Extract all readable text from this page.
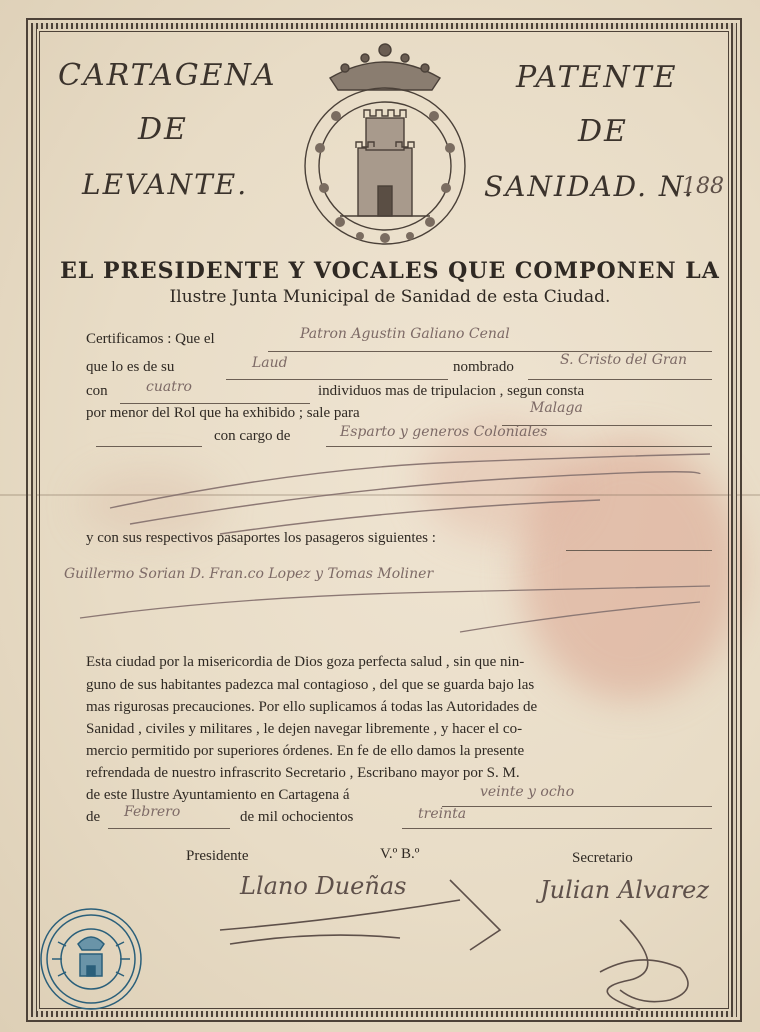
CARTAGENA
DE
LEVANTE.
PATENTE
DE
SANIDAD. N.
188
EL PRESIDENTE Y VOCALES QUE COMPONEN LA
Ilustre Junta Municipal de Sanidad de esta Ciudad.
Certificamos : Que el	Patron Agustin Galiano Cenal
que lo es de su	Laud	nombrado	S. Cristo del Gran
con	cuatro	individuos mas de tripulacion , segun consta
por menor del Rol que ha exhibido ; sale para	Malaga
con cargo de	Esparto y generos Coloniales
y con sus respectivos pasaportes los pasageros siguientes :
Guillermo Sorian D. Fran.co Lopez y Tomas Moliner
Esta ciudad por la misericordia de Dios goza perfecta salud , sin que nin-
guno de sus habitantes padezca mal contagioso , del que se guarda bajo las
mas rigurosas precauciones. Por ello suplicamos á todas las Autoridades de
Sanidad , civiles y militares , le dejen navegar libremente , y hacer el co-
mercio permitido por superiores órdenes. En fe de ello damos la presente
refrendada de nuestro infrascrito Secretario , Escribano mayor por S. M.
de este Ilustre Ayuntamiento en Cartagena á	veinte y ocho
de Febrero	de mil ochocientos	treinta
Presidente	V.º B.º	Secretario
Llano Dueñas	Julian Alvarez
